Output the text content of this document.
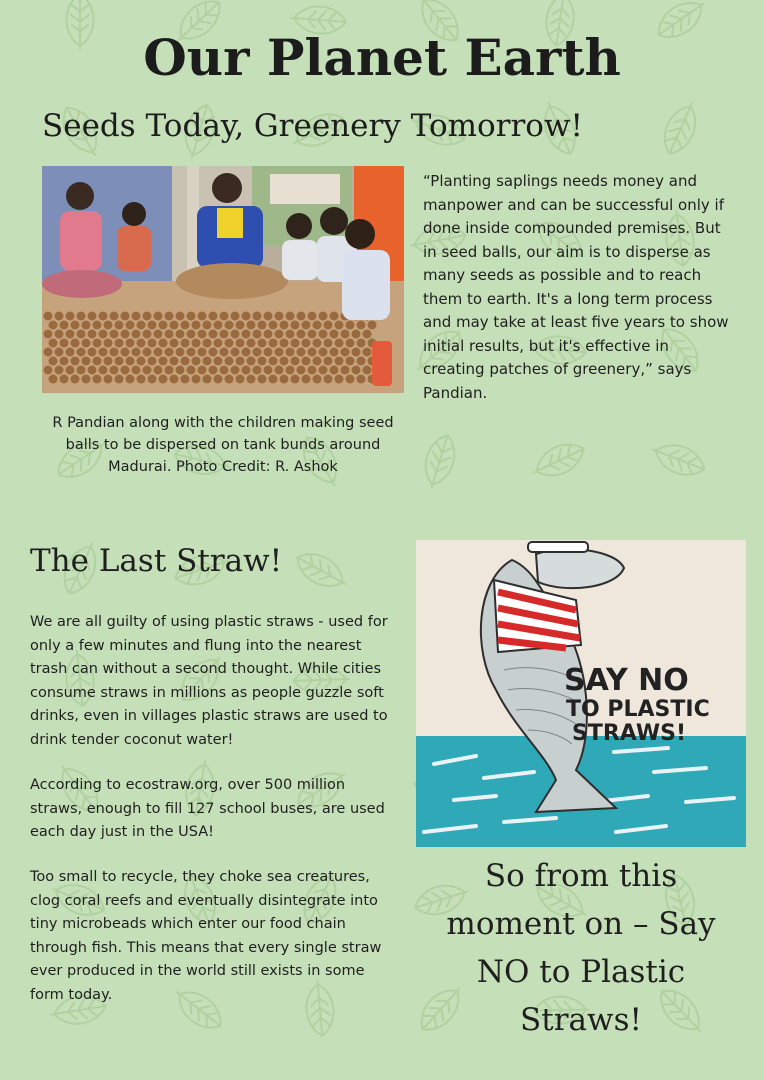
Our Planet Earth
Seeds Today, Greenery Tomorrow!
R Pandian along with the children making seed balls to be dispersed on tank bunds around Madurai. Photo Credit: R. Ashok
“Planting saplings needs money and manpower and can be successful only if done inside compounded premises. But in seed balls, our aim is to disperse as many seeds as possible and to reach them to earth. It's a long term process and may take at least five years to show initial results, but it's effective in creating patches of greenery,” says Pandian.
The Last Straw!

We are all guilty of using plastic straws - used for only a few minutes and flung into the nearest trash can without a second thought. While cities consume straws in millions as people guzzle soft drinks, even in villages plastic straws are used to drink tender coconut water!

According to ecostraw.org, over 500 million straws, enough to fill 127 school buses, are used each day just in the USA!

Too small to recycle, they choke sea creatures, clog coral reefs and eventually disintegrate into tiny microbeads which enter our food chain through fish. This means that every single straw ever produced in the world still exists in some form today.

SAY NO
TO PLASTIC
STRAWS!
So from this moment on – Say NO to Plastic Straws!
